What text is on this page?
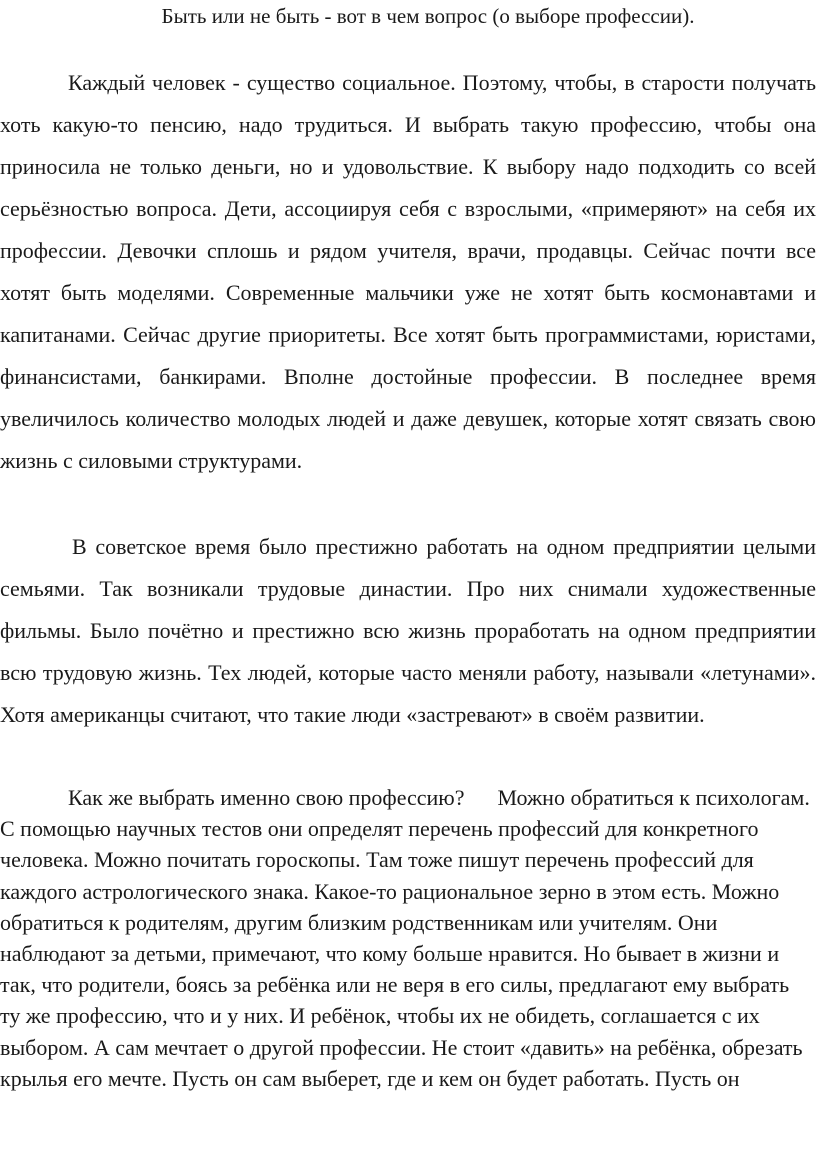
Быть или не быть - вот в чем вопрос (о выборе профессии).

Каждый человек - существо социальное. Поэтому, чтобы, в старости получать хоть какую-то пенсию, надо трудиться. И выбрать такую профессию, чтобы она приносила не только деньги, но и удовольствие. К выбору надо подходить со всей серьёзностью вопроса. Дети, ассоциируя себя с взрослыми, «примеряют» на себя их профессии. Девочки сплошь и рядом учителя, врачи, продавцы. Сейчас почти все хотят быть моделями. Современные мальчики уже не хотят быть космонавтами и капитанами. Сейчас другие приоритеты. Все хотят быть программистами, юристами, финансистами, банкирами. Вполне достойные профессии. В последнее время увеличилось количество молодых людей и даже девушек, которые хотят связать свою жизнь с силовыми структурами.

В советское время было престижно работать на одном предприятии целыми семьями. Так возникали трудовые династии. Про них снимали художественные фильмы. Было почётно и престижно всю жизнь проработать на одном предприятии всю трудовую жизнь. Тех людей, которые часто меняли работу, называли «летунами». Хотя американцы считают, что такие люди «застревают» в своём развитии.

Как же выбрать именно свою профессию?      Можно обратиться к психологам. С помощью научных тестов они определят перечень профессий для конкретного человека. Можно почитать гороскопы. Там тоже пишут перечень профессий для каждого астрологического знака. Какое-то рациональное зерно в этом есть. Можно обратиться к родителям, другим близким родственникам или учителям. Они наблюдают за детьми, примечают, что кому больше нравится. Но бывает в жизни и так, что родители, боясь за ребёнка или не веря в его силы, предлагают ему выбрать ту же профессию, что и у них. И ребёнок, чтобы их не обидеть, соглашается с их выбором. А сам мечтает о другой профессии. Не стоит «давить» на ребёнка, обрезать крылья его мечте. Пусть он сам выберет, где и кем он будет работать. Пусть он
